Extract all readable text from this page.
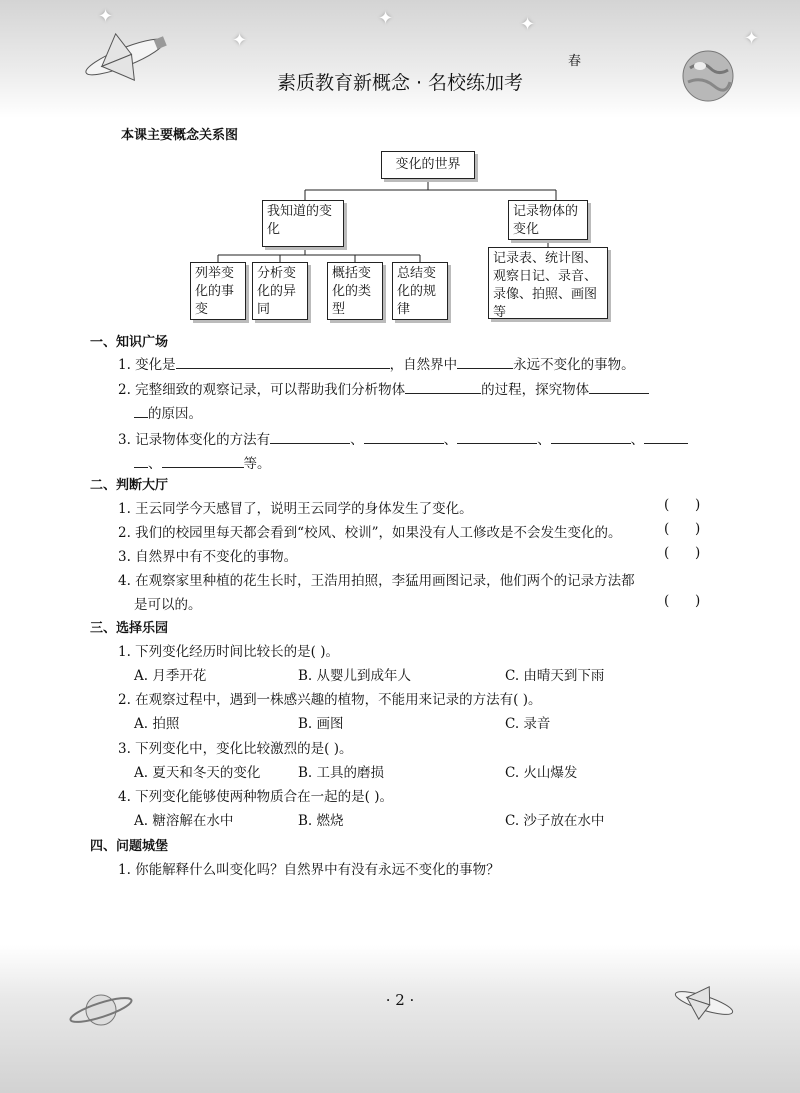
✦
✦
✦
✦
✦
素质教育新概念 · 名校练加考
春
本课主要概念关系图
变化的世界
我知道的变化
记录物体的变化
列举变化的事变
分析变化的异同
概括变化的类型
总结变化的规律
记录表、统计图、观察日记、录音、录像、拍照、画图等
一、知识广场
1. 变化是	，自然界中	永远不变化的事物。
2. 完整细致的观察记录，可以帮助我们分析物体	的过程，探究物体
的原因。
3. 记录物体变化的方法有	、	、	、	、
、	等。
二、判断大厅
1. 王云同学今天感冒了，说明王云同学的身体发生了变化。	(      )
2. 我们的校园里每天都会看到“校风、校训”，如果没有人工修改是不会发生变化的。	(      )
3. 自然界中有不变化的事物。	(      )
4. 在观察家里种植的花生长时，王浩用拍照，李猛用画图记录，他们两个的记录方法都
是可以的。	(      )
三、选择乐园
1. 下列变化经历时间比较长的是( )。
A. 月季开花	B. 从婴儿到成年人	C. 由晴天到下雨
2. 在观察过程中，遇到一株感兴趣的植物，不能用来记录的方法有( )。
A. 拍照	B. 画图	C. 录音
3. 下列变化中，变化比较激烈的是( )。
A. 夏天和冬天的变化	B. 工具的磨损	C. 火山爆发
4. 下列变化能够使两种物质合在一起的是( )。
A. 糖溶解在水中	B. 燃烧	C. 沙子放在水中
四、问题城堡
1. 你能解释什么叫变化吗？自然界中有没有永远不变化的事物？
· 2 ·
